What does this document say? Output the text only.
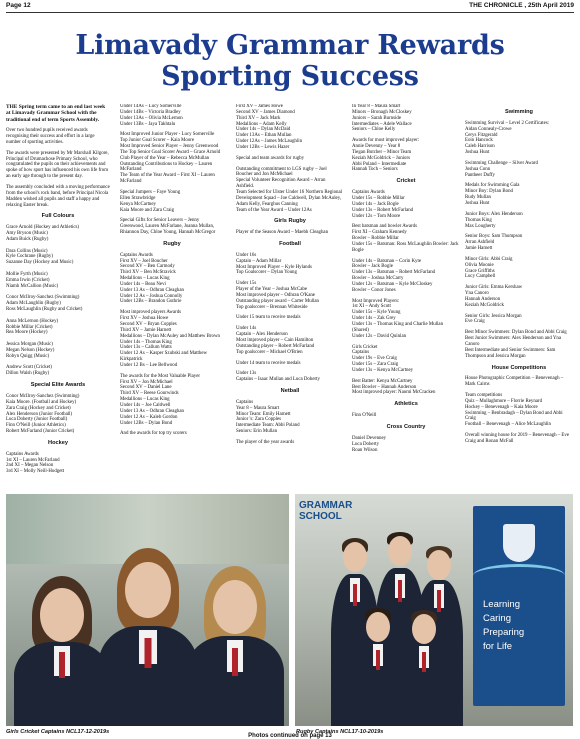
Page 12	THE CHRONICLE , 25th April 2019
Limavady Grammar Rewards
Sporting Success

THE Spring term came to an end last week at Limavady Grammar School with the traditional end of term Sports Assembly.

Over two hundred pupils received awards recognising their success and effort in a large number of sporting activities.

The awards were presented by Mr Marshall Kilgore, Principal of Drumachose Primary School, who congratulated the pupils on their achievements and spoke of how sport has influenced his own life from an early age through to the present day.

The assembly concluded with a moving performance from the school's rock band, before Principal Nicola Madden wished all pupils and staff a happy and relaxing Easter break.

Full Colours
Grace Arnold (Hockey and Athletics)
Amy Bryson (Music)
Adam Buick (Rugby)

Dara Collins (Music)
Kyle Cochrane (Rugby)
Suzanne Day (Hockey and Music)

Mollie Fyrth (Music)
Emma Irwin (Cricket)
Niamh McCallion (Music)

Conor McIlroy-Sanchez (Swimming)
Adam McLaughlin (Rugby)
Ross McLaughlin (Rugby and Cricket)

Anna McLernon (Hockey)
Robbie Millar (Cricket)
Rea Moore (Hockey)

Jessica Morgan (Music)
Megan Nelson (Hockey)
Robyn Quigg (Music)

Andrew Scott (Cricket)
Dillon Walsh (Rugby)
Special Elite Awards
Conor McIlroy-Sanchez (Swimming)
Kaia Moore. (Football and Hockey)
Zara Craig (Hockey and Cricket)
Alex Henderson (Junior Football)
Luca Doherty (Junior Football)
Finn O'Neill (Junior Athletics)
Robert McFarland (Junior Cricket)
Hockey
Captains Awards
1st XI – Lauren McFarland
2nd XI – Megan Nelson
3rd XI – Molly Neill-Hodgett
Under 14As – Lucy Somerville
Under 14Bs – Victoria Bradley
Under 13As – Olivia McLernon
Under 13Bs – Jaya Takhtalu
Most Improved Junior Player - Lucy Somerville
Top Junior Goal Scorer – Kaia Moore
Most Improved Senior Player – Jenny Greenwood
The Top Senior Goal Scorer Award – Grace Arnold
Club Player of the Year – Rebecca McMullan
Outstanding Contributions to Hockey – Lauren McFarland
The Team of the Year Award – First XI – Lauren McFarland
Special Jumpers – Faye Young
Ellen Strawbridge
Kenya McCartney
Kaia Moore and Zara Craig
Special Gifts for Senior Leavers – Jenny Greenwood, Lauren McFarlane, Joanna Mullan, Rhiannon Day, Chloe Young, Hannah McGregor
Rugby
Captains Awards
First XV – Joel Boucher
Second XV – Ben Carmody
Third XV – Ben McStravick
Medallions – Lucas King
Under 14s – Beau Nevi
Under 13 As – Odhran Cleaghan
Under 12 As – Joshua Connolly
Under 12Bs – Brandon Guthrie
Most improved players Awards
First XV – Joshua Howe
Second XV – Bryan Copples
Third XV – Jamie Harnett
Medallions – Dylan McAuley and Matthew Brown
Under 14s – Thomas King
Under 13s – Callum Watts
Under 12 As – Kasper Szubski and Matthew Kirkpatrick
Under 12 Bs – Lee Bellwood
The awards for the Most Valuable Player
First XV – Jon McMichael
Second XV – Daniel Lane
Third XV – Reese Gourwinds
Medallions – Lucas King
Under 14s – Joe Caldwell
Under 13 As – Odhran Cleaghan
Under 12 As – Kaleb Gordon
Under 12Bs – Dylan Bond
And the awards for top try scorers
First XV – James Howe
Second XV – James Diamond
Third XV – Jack Mark
Medallions – Adam Kelly
Under 14s – Dylan McDaid
Under 13As – Ethan Mullan
Under 12As – James McLaughlin
Under 12Bs – Lewis Hazer
Special and team awards for rugby
Outstanding commitment to LGS rugby – Joel Boucher and Jon McMichael
Special Volunteer Recognition Award – Arran Ashfield.
Team Selected for Ulster Under 16 Northern Regional Development Squad – Joe Caldwell, Dylan McAuley, Adam Kelly, Fearghus Canning
Team of the Year Award – Under 12As
Girls Rugby
Player of the Season Award – Maebh Cleaghan
Football
Under 16s
Captain – Adam Millar
Most Improved Player – Kyle Hylands
Top Goalscorer – Dylan Young
Under 15s
Player of the Year – Joshua McCabe
Most improved player – Odhran O'Kane
Outstanding player award – Carter Mullan
Top goalscorer – Brennan Whiteside
Under 15 team to receive medals
Under 14s
Captain – Alex Henderson
Most improved player – Cain Hamilton
Outstanding player – Robert McFarland
Top goalscorer – Michael O'Brien
Under 14 team to receive medals
Under 13s
Captains – Isaac Mullan and Luca Doherty
Netball
Captains
Year 8 – Maura Smart
Minor Team: Emily Harnett
Junior 's: Zara Copples
Intermediate Team: Abbi Poland
Seniors: Erin Mullan
The player of the year awards
In Year 8 – Maura Smart
Minors – Bronagh McCloskey
Juniors – Sarah Burnside
Intermediates – Adele Wallace
Seniors – Chloe Kelly
Awards for most improved player:
Annie Devenny – Year 8
Tiegan Butcher – Minor Team
Keziah McGoldrick – Juniors
Abbi Poland – Intermediate
Hannah Toch – Seniors
Cricket
Captains Awards
Under 15s – Robbie Millar
Under 14s – Jack Bogle
Under 13s – Robert McFarland
Under 12s – Tom Moore
Best batsman and bowler Awards
First XI – Graham Kennedy
Bowler – Robbie Millar
Under 15s – Batsman: Ross McLaughlin Bowler: Jack Bogle
Under 14s – Batsman – Corin Kyte
Bowler – Jack Bogle
Under 13s – Batsman – Robert McFarland
Bowler – Joshua McCarry
Under 12s – Batsman – Kyle McCloskey
Bowler – Conor Jones
Most Improved Players:
1st XI – Andy Scott
Under 15s – Kyle Young
Under 14s – Zak Grey
Under 13s – Thomas King and Charlie Mullan (Shared)
Under 12s – David Quinlan
Girls Cricket
Captains
Under 19s – Eve Craig
Under 15s – Zara Craig
Under 13s – Kenya McCartney
Best Batter: Kenya McCartney
Best Bowler – Hannah Anderson
Most improved player: Naomi McCracken
Athletics
Finn O'Neill
Cross Country
Daniel Devenney
Luca Doherty
Roan Wilson
Swimming
Swimming Survival – Level 2 Certificates:
Aidan Connealy-Crowe
Cerys Fitzgerald
Eoin Hancock
Caleb Harrison
Joshua Hunt
Swimming Challenge – Silver Award
Joshua Conn
Pantheer Duffy
Medals for Swimming Gala
Minor Boy: Dylan Bond
Rudy Mullan
Joshua Hunt
Junior Boys: Alex Henderson
Thomas King
Max Lougherty
Senior Boys: Sam Thompson
Arran Ashfield
Jamie Harnett
Minor Girls: Abbi Craig
Olivia Moonie
Grace Griffiths
Lucy Campbell
Junior Girls: Emma Kershaw
Yna Canoro
Hannah Anderson
Keziah McGoldrick
Senior Girls: Jessica Morgan
Eve Craig
Best Minor Swimmers: Dylan Bond and Abbi Craig
Best Junior Swimmers: Alex Henderson and Yna Canoro
Best Intermediate and Senior Swimmers: Sam Thompson and Jessica Morgan
House Competitions
House Photographic Competition – Benevenagh – Mark Cairns
Team competitions
Quiz – Mullaghmore – Florrie Reynard
Hockey – Benevenagh – Kaia Moore
Swimming – Benbradagh – Dylan Bond and Abbi Craig
Football – Benevenagh – Alice McLaughlin
Overall winning house for 2019 – Benevenagh – Eve Craig and Ronan McFall
GRAMMAR SCHOOL
Learning
Caring
Preparing
for Life
Girls Cricket Captains NCL17-12-2019s	Rugby Captains NCL17-10-2019s
Photos continued on page 13
